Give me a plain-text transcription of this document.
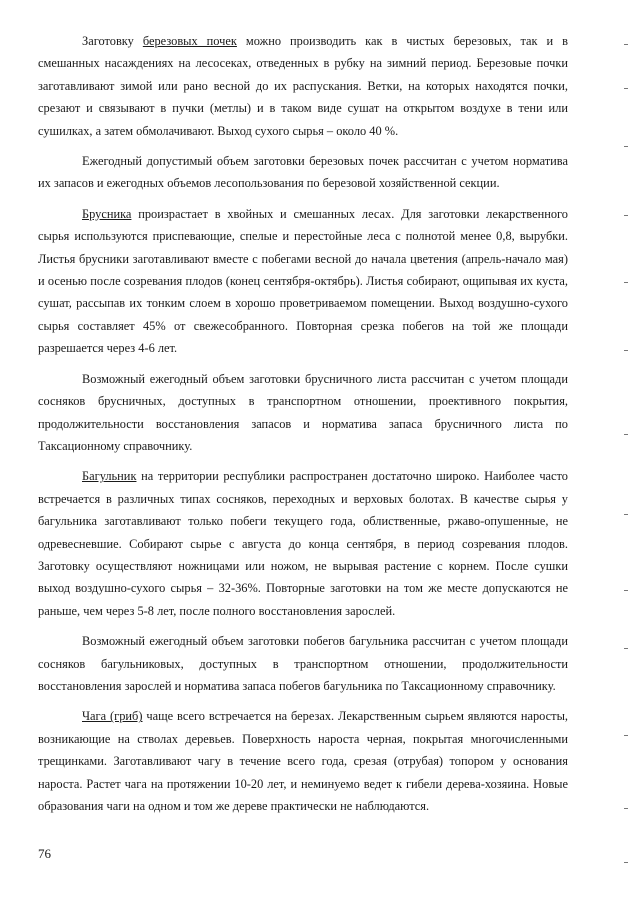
Заготовку березовых почек можно производить как в чистых березовых, так и в смешанных насаждениях на лесосеках, отведенных в рубку на зимний период. Березовые почки заготавливают зимой или рано весной до их распускания. Ветки, на которых находятся почки, срезают и связывают в пучки (метлы) и в таком виде сушат на открытом воздухе в тени или сушилках, а затем обмолачивают. Выход сухого сырья – около 40 %.

Ежегодный допустимый объем заготовки березовых почек рассчитан с учетом норматива их запасов и ежегодных объемов лесопользования по березовой хозяйственной секции.

Брусника произрастает в хвойных и смешанных лесах. Для заготовки лекарственного сырья используются приспевающие, спелые и перестойные леса с полнотой менее 0,8, вырубки. Листья брусники заготавливают вместе с побегами весной до начала цветения (апрель-начало мая) и осенью после созревания плодов (конец сентября-октябрь). Листья собирают, ощипывая их куста, сушат, рассыпав их тонким слоем в хорошо проветриваемом помещении. Выход воздушно-сухого сырья составляет 45% от свежесобранного. Повторная срезка побегов на той же площади разрешается через 4-6 лет.

Возможный ежегодный объем заготовки брусничного листа рассчитан с учетом площади сосняков брусничных, доступных в транспортном отношении, проективного покрытия, продолжительности восстановления запасов и норматива запаса брусничного листа по Таксационному справочнику.

Багульник на территории республики распространен достаточно широко. Наиболее часто встречается в различных типах сосняков, переходных и верховых болотах. В качестве сырья у багульника заготавливают только побеги текущего года, облиственные, ржаво-опушенные, не одревесневшие. Собирают сырье с августа до конца сентября, в период созревания плодов. Заготовку осуществляют ножницами или ножом, не вырывая растение с корнем. После сушки выход воздушно-сухого сырья – 32-36%. Повторные заготовки на том же месте допускаются не раньше, чем через 5-8 лет, после полного восстановления зарослей.

Возможный ежегодный объем заготовки побегов багульника рассчитан с учетом площади сосняков багульниковых, доступных в транспортном отношении, продолжительности восстановления зарослей и норматива запаса побегов багульника по Таксационному справочнику.

Чага (гриб) чаще всего встречается на березах. Лекарственным сырьем являются наросты, возникающие на стволах деревьев. Поверхность нароста черная, покрытая многочисленными трещинками. Заготавливают чагу в течение всего года, срезая (отрубая) топором у основания нароста. Растет чага на протяжении 10-20 лет, и неминуемо ведет к гибели дерева-хозяина. Новые образования чаги на одном и том же дереве практически не наблюдаются.

76
